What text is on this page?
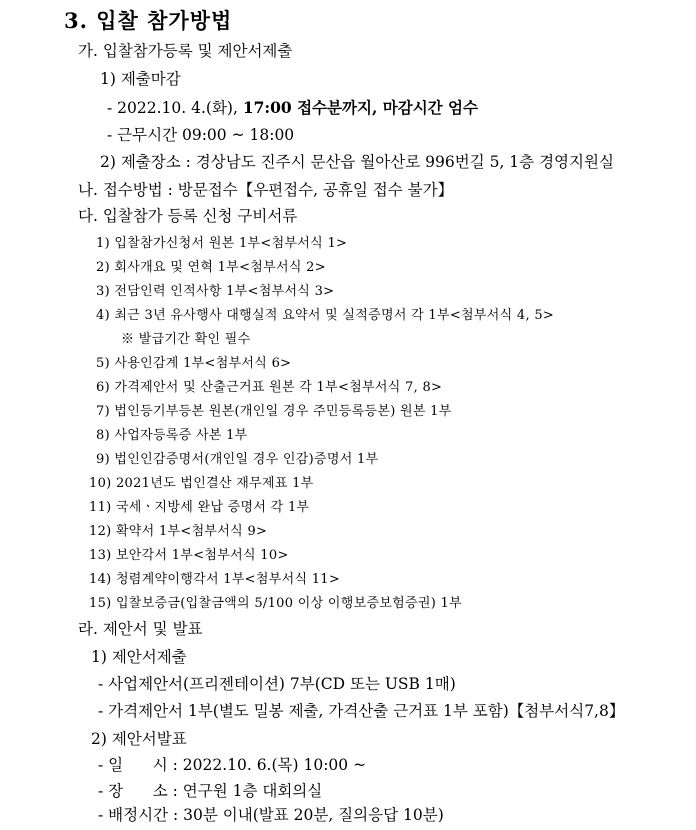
3. 입찰 참가방법
가. 입찰참가등록 및 제안서제출
1) 제출마감
- 2022.10. 4.(화), 17:00 접수분까지, 마감시간 엄수
- 근무시간 09:00 ~ 18:00
2) 제출장소 : 경상남도 진주시 문산읍 월아산로 996번길 5, 1층 경영지원실
나. 접수방법 : 방문접수【우편접수, 공휴일 접수 불가】
다. 입찰참가 등록 신청 구비서류
1) 입찰참가신청서 원본 1부<첨부서식 1>
2) 회사개요 및 연혁 1부<첨부서식 2>
3) 전담인력 인적사항 1부<첨부서식 3>
4) 최근 3년 유사행사 대행실적 요약서 및 실적증명서 각 1부<첨부서식 4, 5>
※ 발급기간 확인 필수
5) 사용인감계 1부<첨부서식 6>
6) 가격제안서 및 산출근거표 원본 각 1부<첨부서식 7, 8>
7) 법인등기부등본 원본(개인일 경우 주민등록등본) 원본 1부
8) 사업자등록증 사본 1부
9) 법인인감증명서(개인일 경우 인감)증명서 1부
10) 2021년도 법인결산 재무제표 1부
11) 국세ㆍ지방세 완납 증명서 각 1부
12) 확약서 1부<첨부서식 9>
13) 보안각서 1부<첨부서식 10>
14) 청렴계약이행각서 1부<첨부서식 11>
15) 입찰보증금(입찰금액의 5/100 이상 이행보증보험증권) 1부
라. 제안서 및 발표
1) 제안서제출
- 사업제안서(프리젠테이션) 7부(CD 또는 USB 1매)
- 가격제안서 1부(별도 밀봉 제출, 가격산출 근거표 1부 포함)【첨부서식7,8】
2) 제안서발표
- 일      시 : 2022.10. 6.(목) 10:00 ~
- 장      소 : 연구원 1층 대회의실
- 배정시간 : 30분 이내(발표 20분, 질의응답 10분)
